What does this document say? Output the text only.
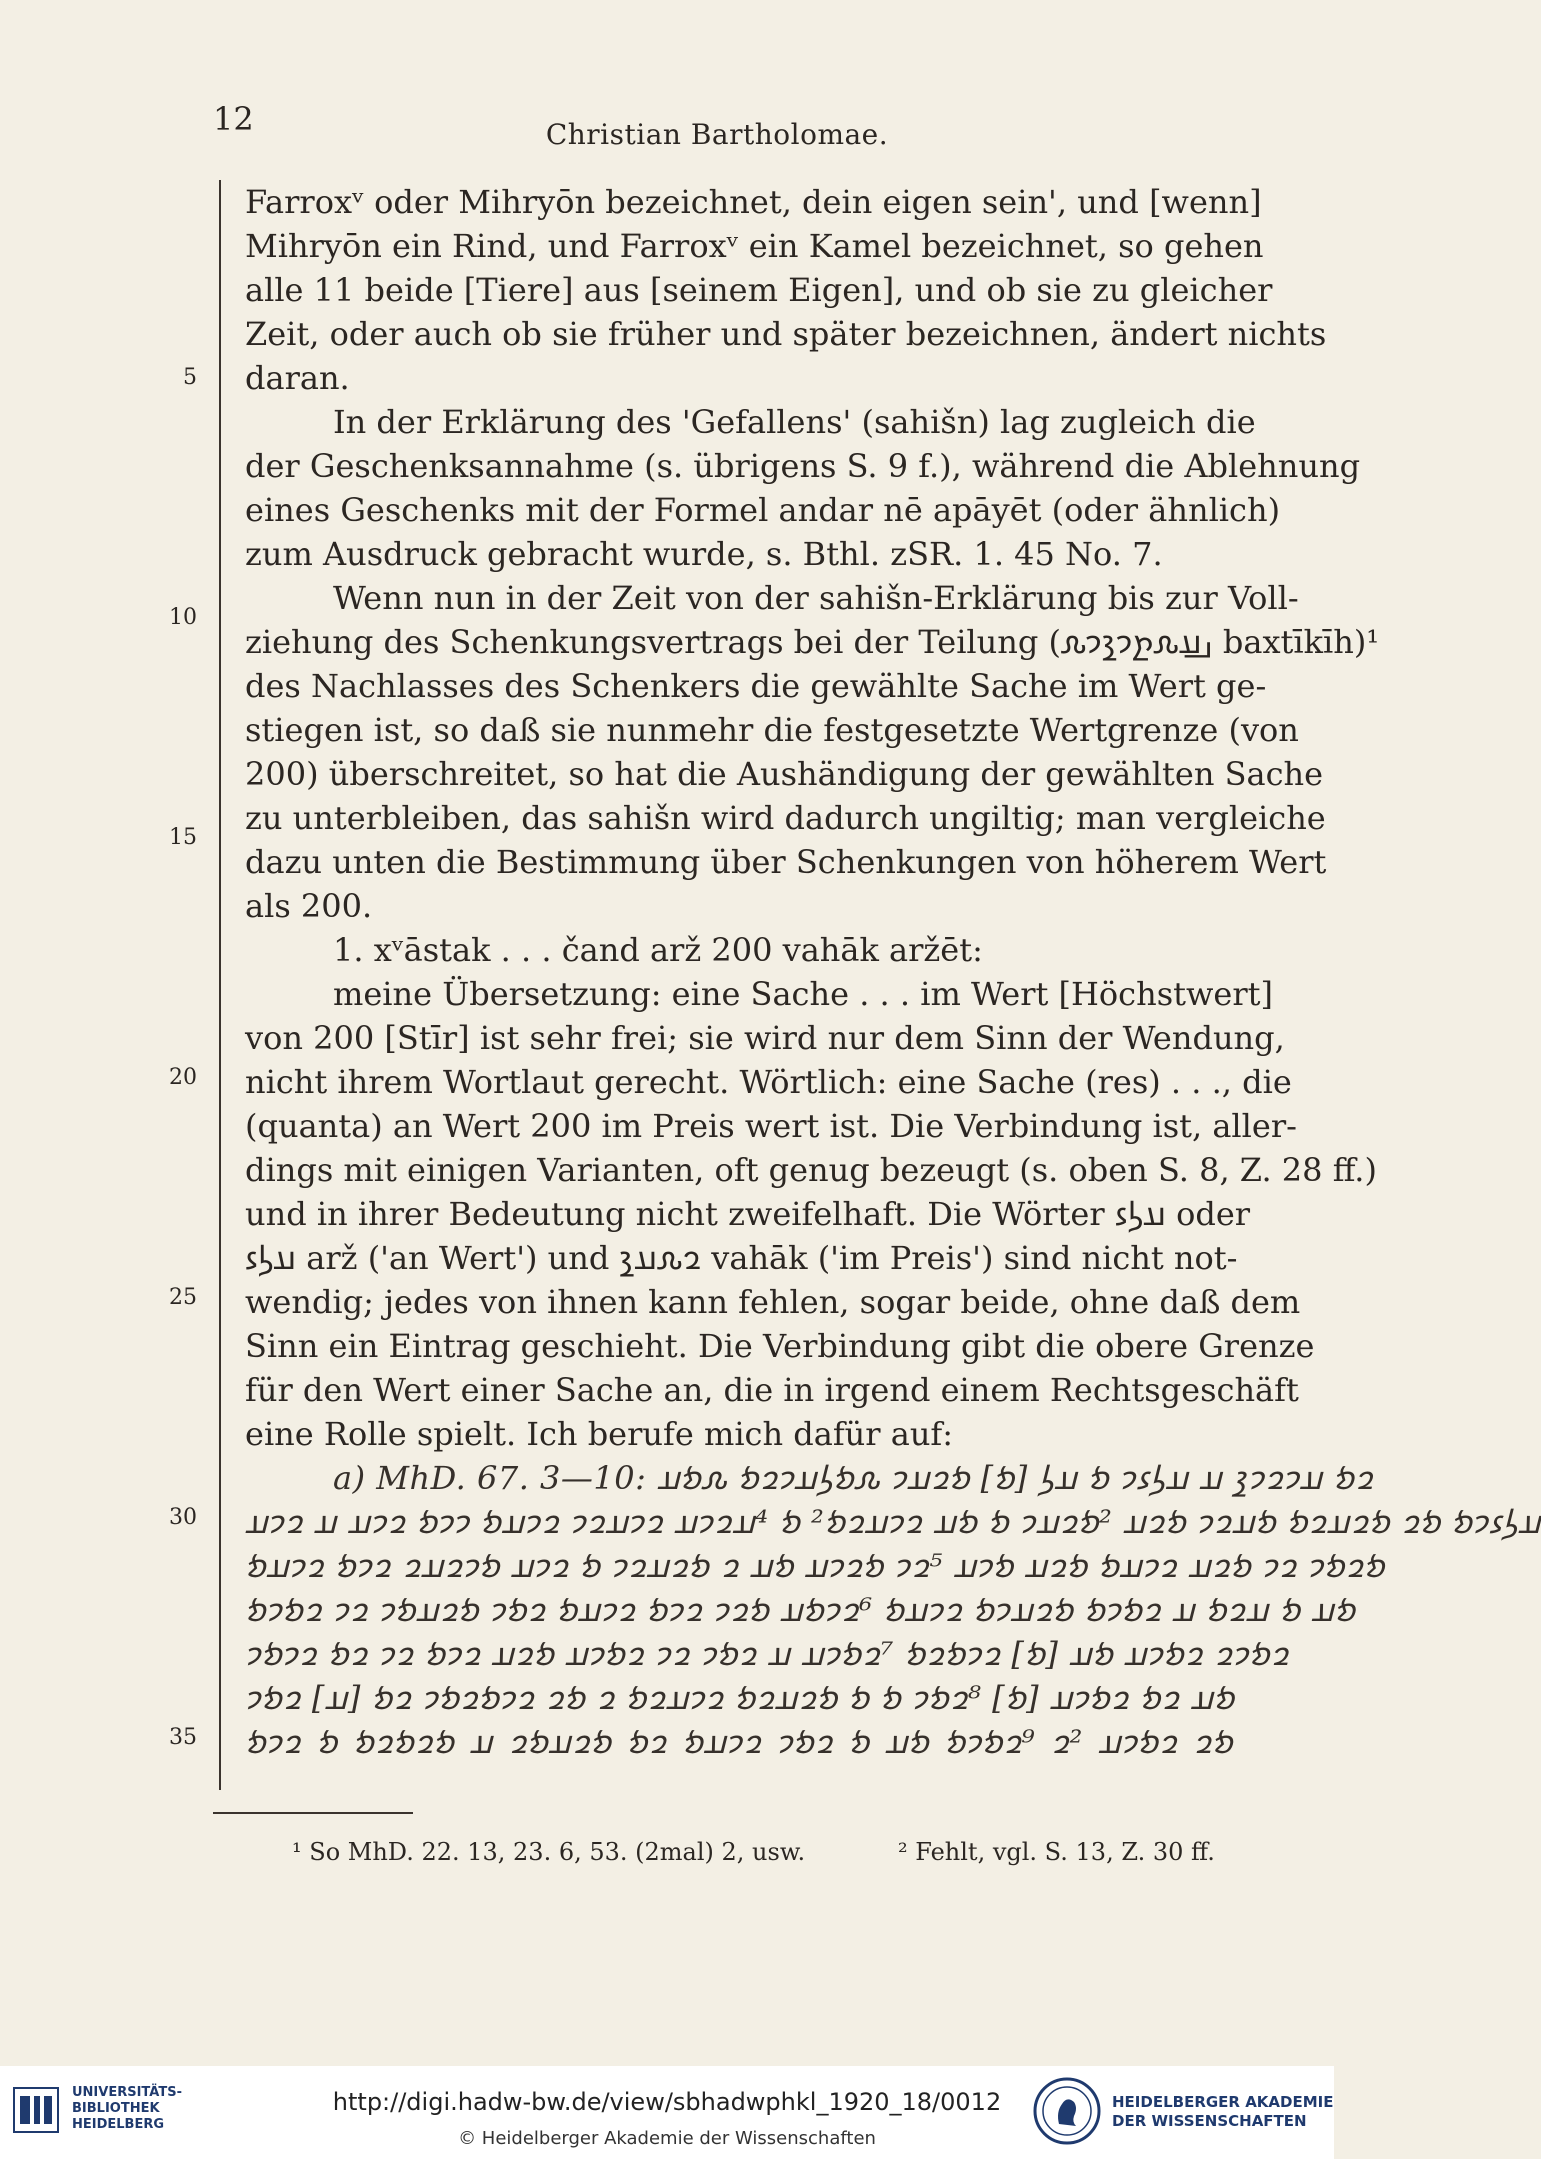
12	Christian Bartholomae.
5
10
15
20
25
30
35
Farroxᵛ oder Mihryōn bezeichnet, dein eigen sein', und [wenn]
Mihryōn ein Rind, und Farroxᵛ ein Kamel bezeichnet, so gehen
alle 11 beide [Tiere] aus [seinem Eigen], und ob sie zu gleicher
Zeit, oder auch ob sie früher und später bezeichnen, ändert nichts
daran.
In der Erklärung des 'Gefallens' (sahišn) lag zugleich die
der Geschenksannahme (s. übrigens S. 9 f.), während die Ablehnung
eines Geschenks mit der Formel andar nē apāyēt (oder ähnlich)
zum Ausdruck gebracht wurde, s. Bthl. zSR. 1. 45 No. 7.
Wenn nun in der Zeit von der sahišn-Erklärung bis zur Voll-
ziehung des Schenkungsvertrags bei der Teilung (𐭡𐭠𐭧𐭲𐭩𐭪𐭩𐭧 baxtīkīh)¹
des Nachlasses des Schenkers die gewählte Sache im Wert ge-
stiegen ist, so daß sie nunmehr die festgesetzte Wertgrenze (von
200) überschreitet, so hat die Aushändigung der gewählten Sache
zu unterbleiben, das sahišn wird dadurch ungiltig; man vergleiche
dazu unten die Bestimmung über Schenkungen von höherem Wert
als 200.
1. xᵛāstak . . . čand arž 200 vahāk aržēt:
meine Übersetzung: eine Sache . . . im Wert [Höchstwert]
von 200 [Stīr] ist sehr frei; sie wird nur dem Sinn der Wendung,
nicht ihrem Wortlaut gerecht. Wörtlich: eine Sache (res) . . ., die
(quanta) an Wert 200 im Preis wert ist. Die Verbindung ist, aller-
dings mit einigen Varianten, oft genug bezeugt (s. oben S. 8, Z. 28 ff.)
und in ihrer Bedeutung nicht zweifelhaft. Die Wörter 𐭠𐭫𐭦 oder
𐭠𐭫𐭦 arž ('an Wert') und 𐭥𐭧𐭠𐭪 vahāk ('im Preis') sind nicht not-
wendig; jedes von ihnen kann fehlen, sogar beide, ohne daß dem
Sinn ein Eintrag geschieht. Die Verbindung gibt die obere Grenze
für den Wert einer Sache an, die in irgend einem Rechtsgeschäft
eine Rolle spielt. Ich berufe mich dafür auf:
a) MhD. 67. 3—10: 𐭥𐭬 𐭠𐭩𐭥𐭩𐭪 𐭠 𐭠𐭫𐭦𐭩 𐭬 𐭠𐭫 [𐭬] 𐭬𐭥𐭠𐭩 𐭧𐭬𐭫𐭠𐭩𐭥𐭬 𐭧𐭬𐭠
𐭠𐭫𐭦𐭩𐭬 𐭬𐭥 𐭬𐭥𐭠𐭥𐭬 𐭬𐭠𐭥𐭩 𐭬𐭥𐭠 ²𐭬𐭥𐭠𐭩 𐭬 𐭬𐭠 𐭥𐭩𐭠𐭥𐭬² 𐭬 ⁴𐭠𐭥𐭩𐭠 𐭥𐭩𐭠𐭥𐭩 𐭥𐭩𐭠𐭬 𐭩𐭩𐭬 𐭥𐭩𐭠 𐭠 𐭥𐭩𐭠
𐭬𐭥𐭬𐭩 𐭥𐭩 𐭬𐭥𐭠 𐭥𐭩𐭠𐭬 𐭬𐭥𐭠 𐭬𐭩𐭠 ⁵𐭥𐭩 𐭬𐭥𐭩𐭠 𐭬𐭠 𐭥 𐭬𐭥𐭠𐭥𐭩 𐭬 𐭥𐭩𐭠 𐭬𐭩𐭥𐭠𐭥 𐭥𐭩𐭬 𐭥𐭩𐭠𐭬
𐭬𐭠 𐭬 𐭠𐭥𐭬 𐭠 𐭥𐭬𐭩𐭬 𐭬𐭥𐭠𐭩𐭬 𐭥𐭩𐭠𐭬 ⁶𐭥𐭩𐭬𐭠 𐭬𐭥𐭩 𐭥𐭩𐭬 𐭥𐭩𐭠𐭬 𐭥𐭬𐭩 𐭬𐭥𐭠𐭬𐭩 𐭥𐭩 𐭥𐭬𐭩𐭬
𐭥𐭬𐭩𐭥 𐭥𐭬𐭩𐭠 𐭬𐭠 [𐭬] 𐭥𐭩𐭬𐭥𐭬 ⁷𐭥𐭬𐭩𐭠 𐭠 𐭥𐭬𐭩 𐭥𐭩 𐭥𐭬𐭩𐭠 𐭬𐭥𐭠 𐭥𐭩𐭬 𐭥𐭩 𐭥𐭬 𐭥𐭩𐭬𐭩
𐭬𐭠 𐭥𐭬 𐭥𐭬𐭩𐭠 [𐭬] ⁸𐭥𐭬𐭩 𐭬 𐭬 𐭬𐭥𐭠𐭥𐭬 𐭥𐭩𐭠𐭥𐭬 𐭥 𐭬𐭥 𐭥𐭩𐭬𐭥𐭬𐭩 𐭥𐭬 [𐭠] 𐭥𐭬𐭩
𐭬𐭥 𐭥𐭬𐭩𐭠 ²𐭥 ⁹𐭥𐭬𐭩𐭬 𐭬𐭠 𐭬 𐭥𐭬𐭩 𐭥𐭩𐭠𐭬 𐭥𐭬 𐭬𐭥𐭠𐭬𐭥 𐭠 𐭬𐭥𐭬𐭥𐭬 𐭬 𐭥𐭩𐭬
¹ So MhD. 22. 13, 23. 6, 53. (2mal) 2, usw.	² Fehlt, vgl. S. 13, Z. 30 ff.
UNIVERSITÄTS-
BIBLIOTHEK
HEIDELBERG
http://digi.hadw-bw.de/view/sbhadwphkl_1920_18/0012
© Heidelberger Akademie der Wissenschaften
HEIDELBERGER AKADEMIE
DER WISSENSCHAFTEN
